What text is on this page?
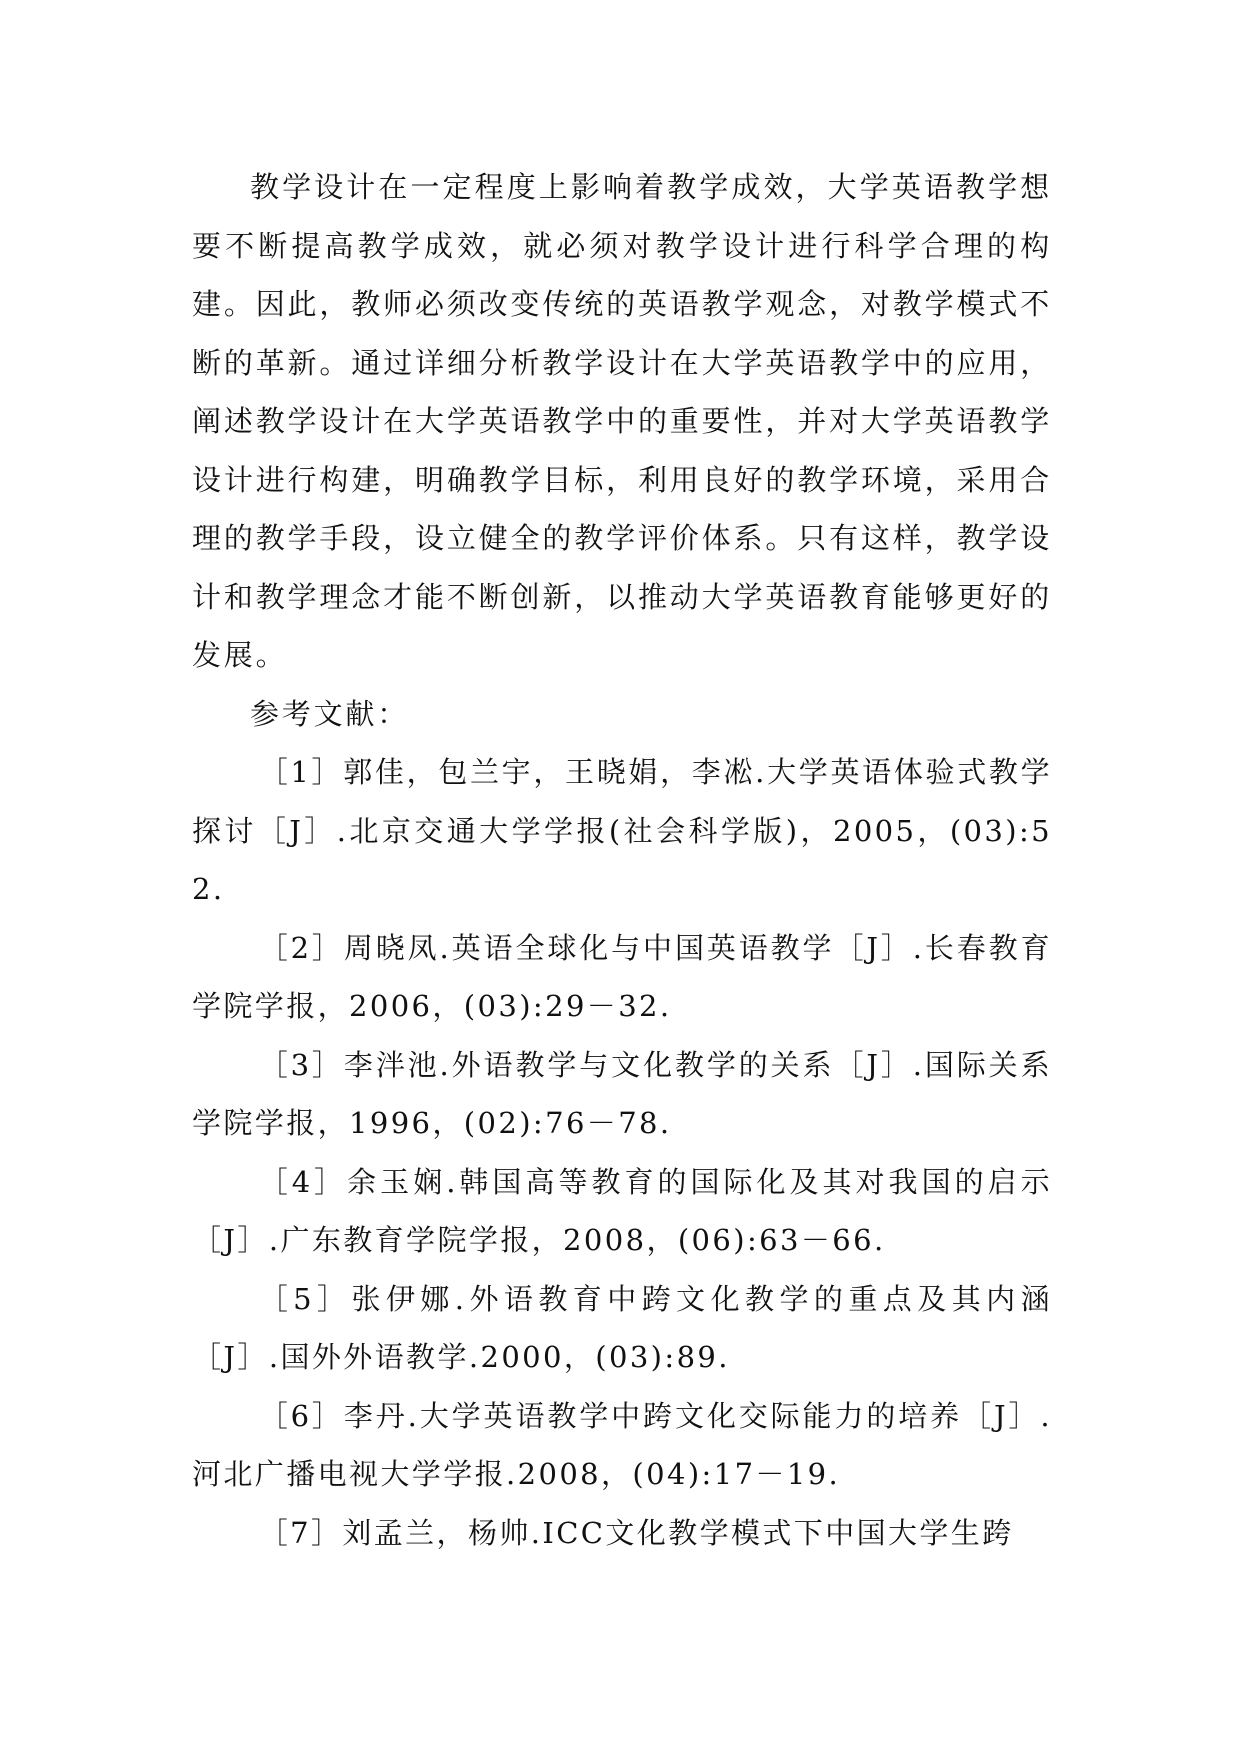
教学设计在一定程度上影响着教学成效，大学英语教学想要不断提高教学成效，就必须对教学设计进行科学合理的构建。因此，教师必须改变传统的英语教学观念，对教学模式不断的革新。通过详细分析教学设计在大学英语教学中的应用，阐述教学设计在大学英语教学中的重要性，并对大学英语教学设计进行构建，明确教学目标，利用良好的教学环境，采用合理的教学手段，设立健全的教学评价体系。只有这样，教学设计和教学理念才能不断创新，以推动大学英语教育能够更好的发展。

参考文献：

［1］郭佳，包兰宇，王晓娟，李凇.大学英语体验式教学探讨［J］.北京交通大学学报(社会科学版)，2005，(03):52.

［2］周晓凤.英语全球化与中国英语教学［J］.长春教育学院学报，2006，(03):29－32.

［3］李泮池.外语教学与文化教学的关系［J］.国际关系学院学报，1996，(02):76－78.

［4］余玉娴.韩国高等教育的国际化及其对我国的启示［J］.广东教育学院学报，2008，(06):63－66.

［5］张伊娜.外语教育中跨文化教学的重点及其内涵［J］.国外外语教学.2000，(03):89.

［6］李丹.大学英语教学中跨文化交际能力的培养［J］.河北广播电视大学学报.2008，(04):17－19.

［7］刘孟兰，杨帅.ICC文化教学模式下中国大学生跨
